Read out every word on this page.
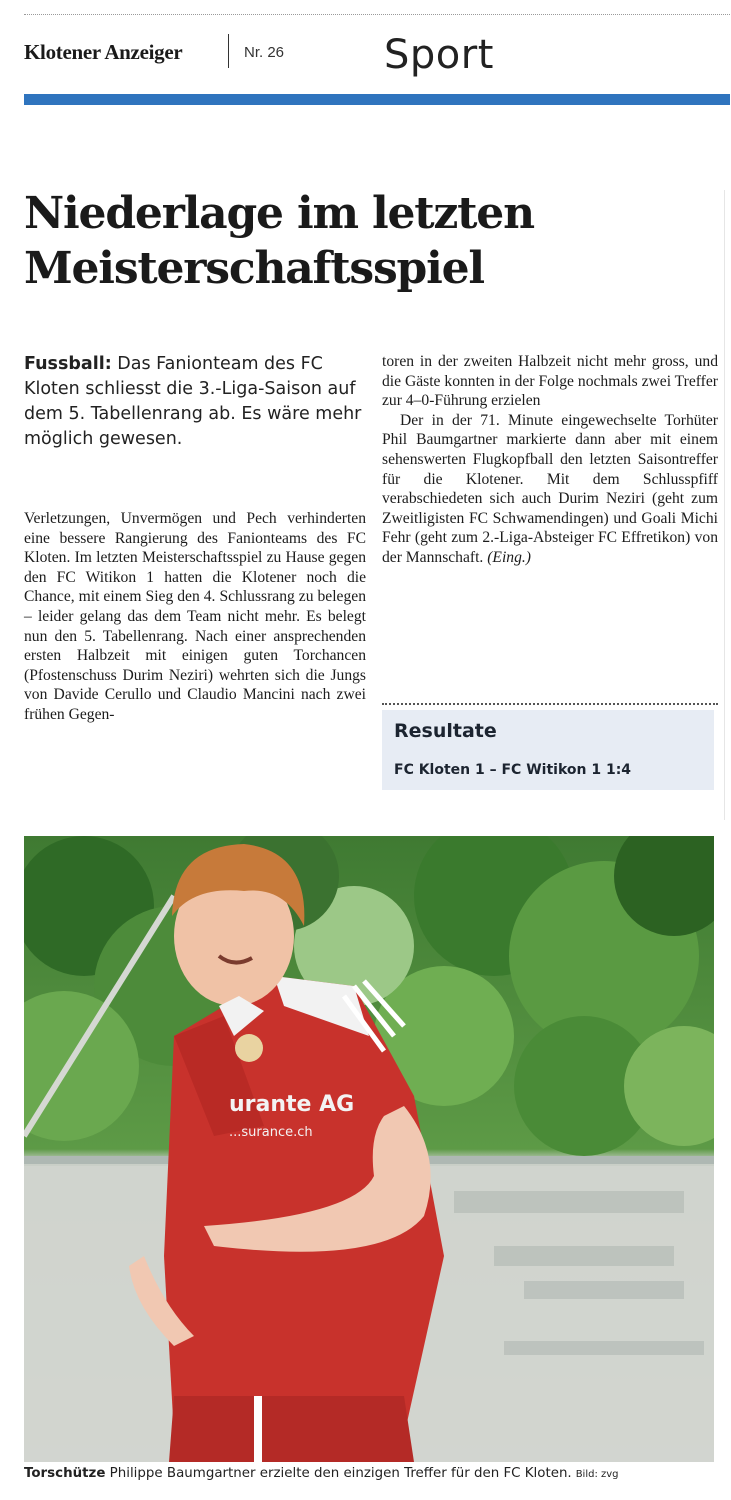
Klotener Anzeiger	Nr. 26 Sport
Niederlage im letzten
Meisterschaftsspiel

Fussball: Das Fanionteam des FC Kloten schliesst die 3.-Liga-Saison auf dem 5. Tabellenrang ab. Es wäre mehr möglich gewesen.

Verletzungen, Unvermögen und Pech verhinderten eine bessere Rangierung des Fanionteams des FC Kloten. Im letzten Meisterschaftsspiel zu Hause gegen den FC Witikon 1 hatten die Klotener noch die Chance, mit einem Sieg den 4. Schlussrang zu belegen – leider gelang das dem Team nicht mehr. Es belegt nun den 5. Tabellenrang. Nach einer ansprechenden ersten Halbzeit mit einigen guten Torchancen (Pfostenschuss Durim Neziri) wehrten sich die Jungs von Davide Cerullo und Claudio Mancini nach zwei frühen Gegen-

toren in der zweiten Halbzeit nicht mehr gross, und die Gäste konnten in der Folge nochmals zwei Treffer zur 4–0-Führung erzielen

Der in der 71. Minute eingewechselte Torhüter Phil Baumgartner markierte dann aber mit einem sehenswerten Flugkopfball den letzten Saisontreffer für die Klotener. Mit dem Schlusspfiff verabschiedeten sich auch Durim Neziri (geht zum Zweitligisten FC Schwamendingen) und Goali Michi Fehr (geht zum 2.-Liga-Absteiger FC Effretikon) von der Mannschaft. (Eing.)

Resultate
FC Kloten 1 – FC Witikon 1 1:4
urante AG
...surance.ch
Torschütze Philippe Baumgartner erzielte den einzigen Treffer für den FC Kloten. Bild: zvg
